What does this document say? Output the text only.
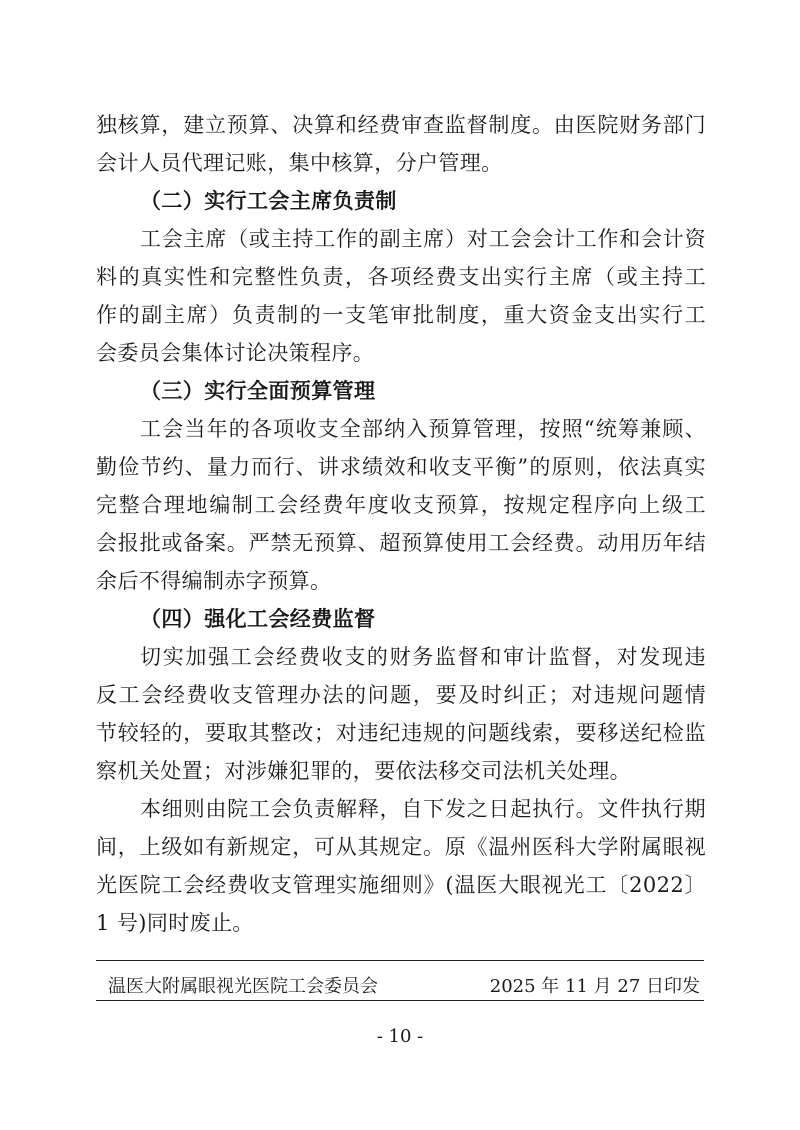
独核算，建立预算、决算和经费审查监督制度。由医院财务部门
会计人员代理记账，集中核算，分户管理。
（二）实行工会主席负责制
工会主席（或主持工作的副主席）对工会会计工作和会计资
料的真实性和完整性负责，各项经费支出实行主席（或主持工
作的副主席）负责制的一支笔审批制度，重大资金支出实行工
会委员会集体讨论决策程序。
（三）实行全面预算管理
工会当年的各项收支全部纳入预算管理，按照“统筹兼顾、
勤俭节约、量力而行、讲求绩效和收支平衡”的原则，依法真实
完整合理地编制工会经费年度收支预算，按规定程序向上级工
会报批或备案。严禁无预算、超预算使用工会经费。动用历年结
余后不得编制赤字预算。
（四）强化工会经费监督
切实加强工会经费收支的财务监督和审计监督，对发现违
反工会经费收支管理办法的问题，要及时纠正；对违规问题情
节较轻的，要取其整改；对违纪违规的问题线索，要移送纪检监
察机关处置；对涉嫌犯罪的，要依法移交司法机关处理。
本细则由院工会负责解释，自下发之日起执行。文件执行期
间，上级如有新规定，可从其规定。原《温州医科大学附属眼视
光医院工会经费收支管理实施细则》(温医大眼视光工〔2022〕
1 号)同时废止。
温医大附属眼视光医院工会委员会	2025 年 11 月 27 日印发
- 10 -
